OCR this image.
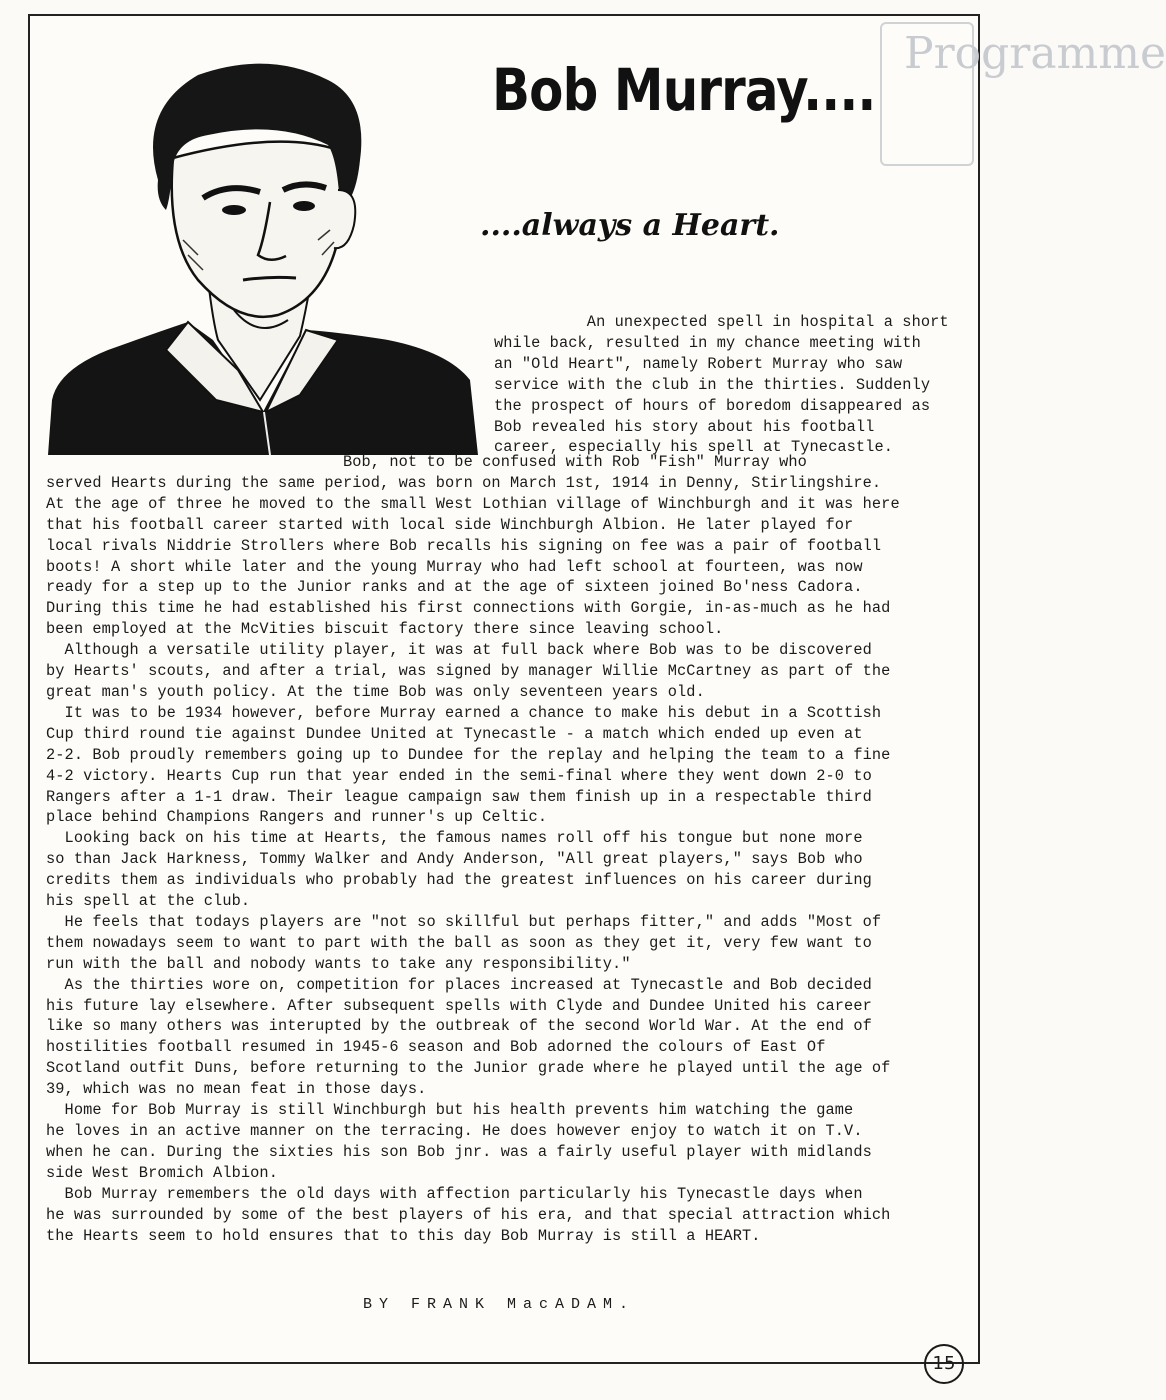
Programme
Bob Murray....
....always a Heart.
An unexpected spell in hospital a short
while back, resulted in my chance meeting with
an "Old Heart", namely Robert Murray who saw
service with the club in the thirties. Suddenly
the prospect of hours of boredom disappeared as
Bob revealed his story about his football
career, especially his spell at Tynecastle.
Bob, not to be confused with Rob "Fish" Murray who
served Hearts during the same period, was born on March 1st, 1914 in Denny, Stirlingshire.
At the age of three he moved to the small West Lothian village of Winchburgh and it was here
that his football career started with local side Winchburgh Albion. He later played for
local rivals Niddrie Strollers where Bob recalls his signing on fee was a pair of football
boots! A short while later and the young Murray who had left school at fourteen, was now
ready for a step up to the Junior ranks and at the age of sixteen joined Bo'ness Cadora.
During this time he had established his first connections with Gorgie, in-as-much as he had
been employed at the McVities biscuit factory there since leaving school.
Although a versatile utility player, it was at full back where Bob was to be discovered
by Hearts' scouts, and after a trial, was signed by manager Willie McCartney as part of the
great man's youth policy. At the time Bob was only seventeen years old.
It was to be 1934 however, before Murray earned a chance to make his debut in a Scottish
Cup third round tie against Dundee United at Tynecastle - a match which ended up even at
2-2. Bob proudly remembers going up to Dundee for the replay and helping the team to a fine
4-2 victory. Hearts Cup run that year ended in the semi-final where they went down 2-0 to
Rangers after a 1-1 draw. Their league campaign saw them finish up in a respectable third
place behind Champions Rangers and runner's up Celtic.
Looking back on his time at Hearts, the famous names roll off his tongue but none more
so than Jack Harkness, Tommy Walker and Andy Anderson, "All great players," says Bob who
credits them as individuals who probably had the greatest influences on his career during
his spell at the club.
He feels that todays players are "not so skillful but perhaps fitter," and adds "Most of
them nowadays seem to want to part with the ball as soon as they get it, very few want to
run with the ball and nobody wants to take any responsibility."
As the thirties wore on, competition for places increased at Tynecastle and Bob decided
his future lay elsewhere. After subsequent spells with Clyde and Dundee United his career
like so many others was interupted by the outbreak of the second World War. At the end of
hostilities football resumed in 1945-6 season and Bob adorned the colours of East Of
Scotland outfit Duns, before returning to the Junior grade where he played until the age of
39, which was no mean feat in those days.
Home for Bob Murray is still Winchburgh but his health prevents him watching the game
he loves in an active manner on the terracing. He does however enjoy to watch it on T.V.
when he can. During the sixties his son Bob jnr. was a fairly useful player with midlands
side West Bromich Albion.
Bob Murray remembers the old days with affection particularly his Tynecastle days when
he was surrounded by some of the best players of his era, and that special attraction which
the Hearts seem to hold ensures that to this day Bob Murray is still a HEART.
BY FRANK MacADAM.
15
